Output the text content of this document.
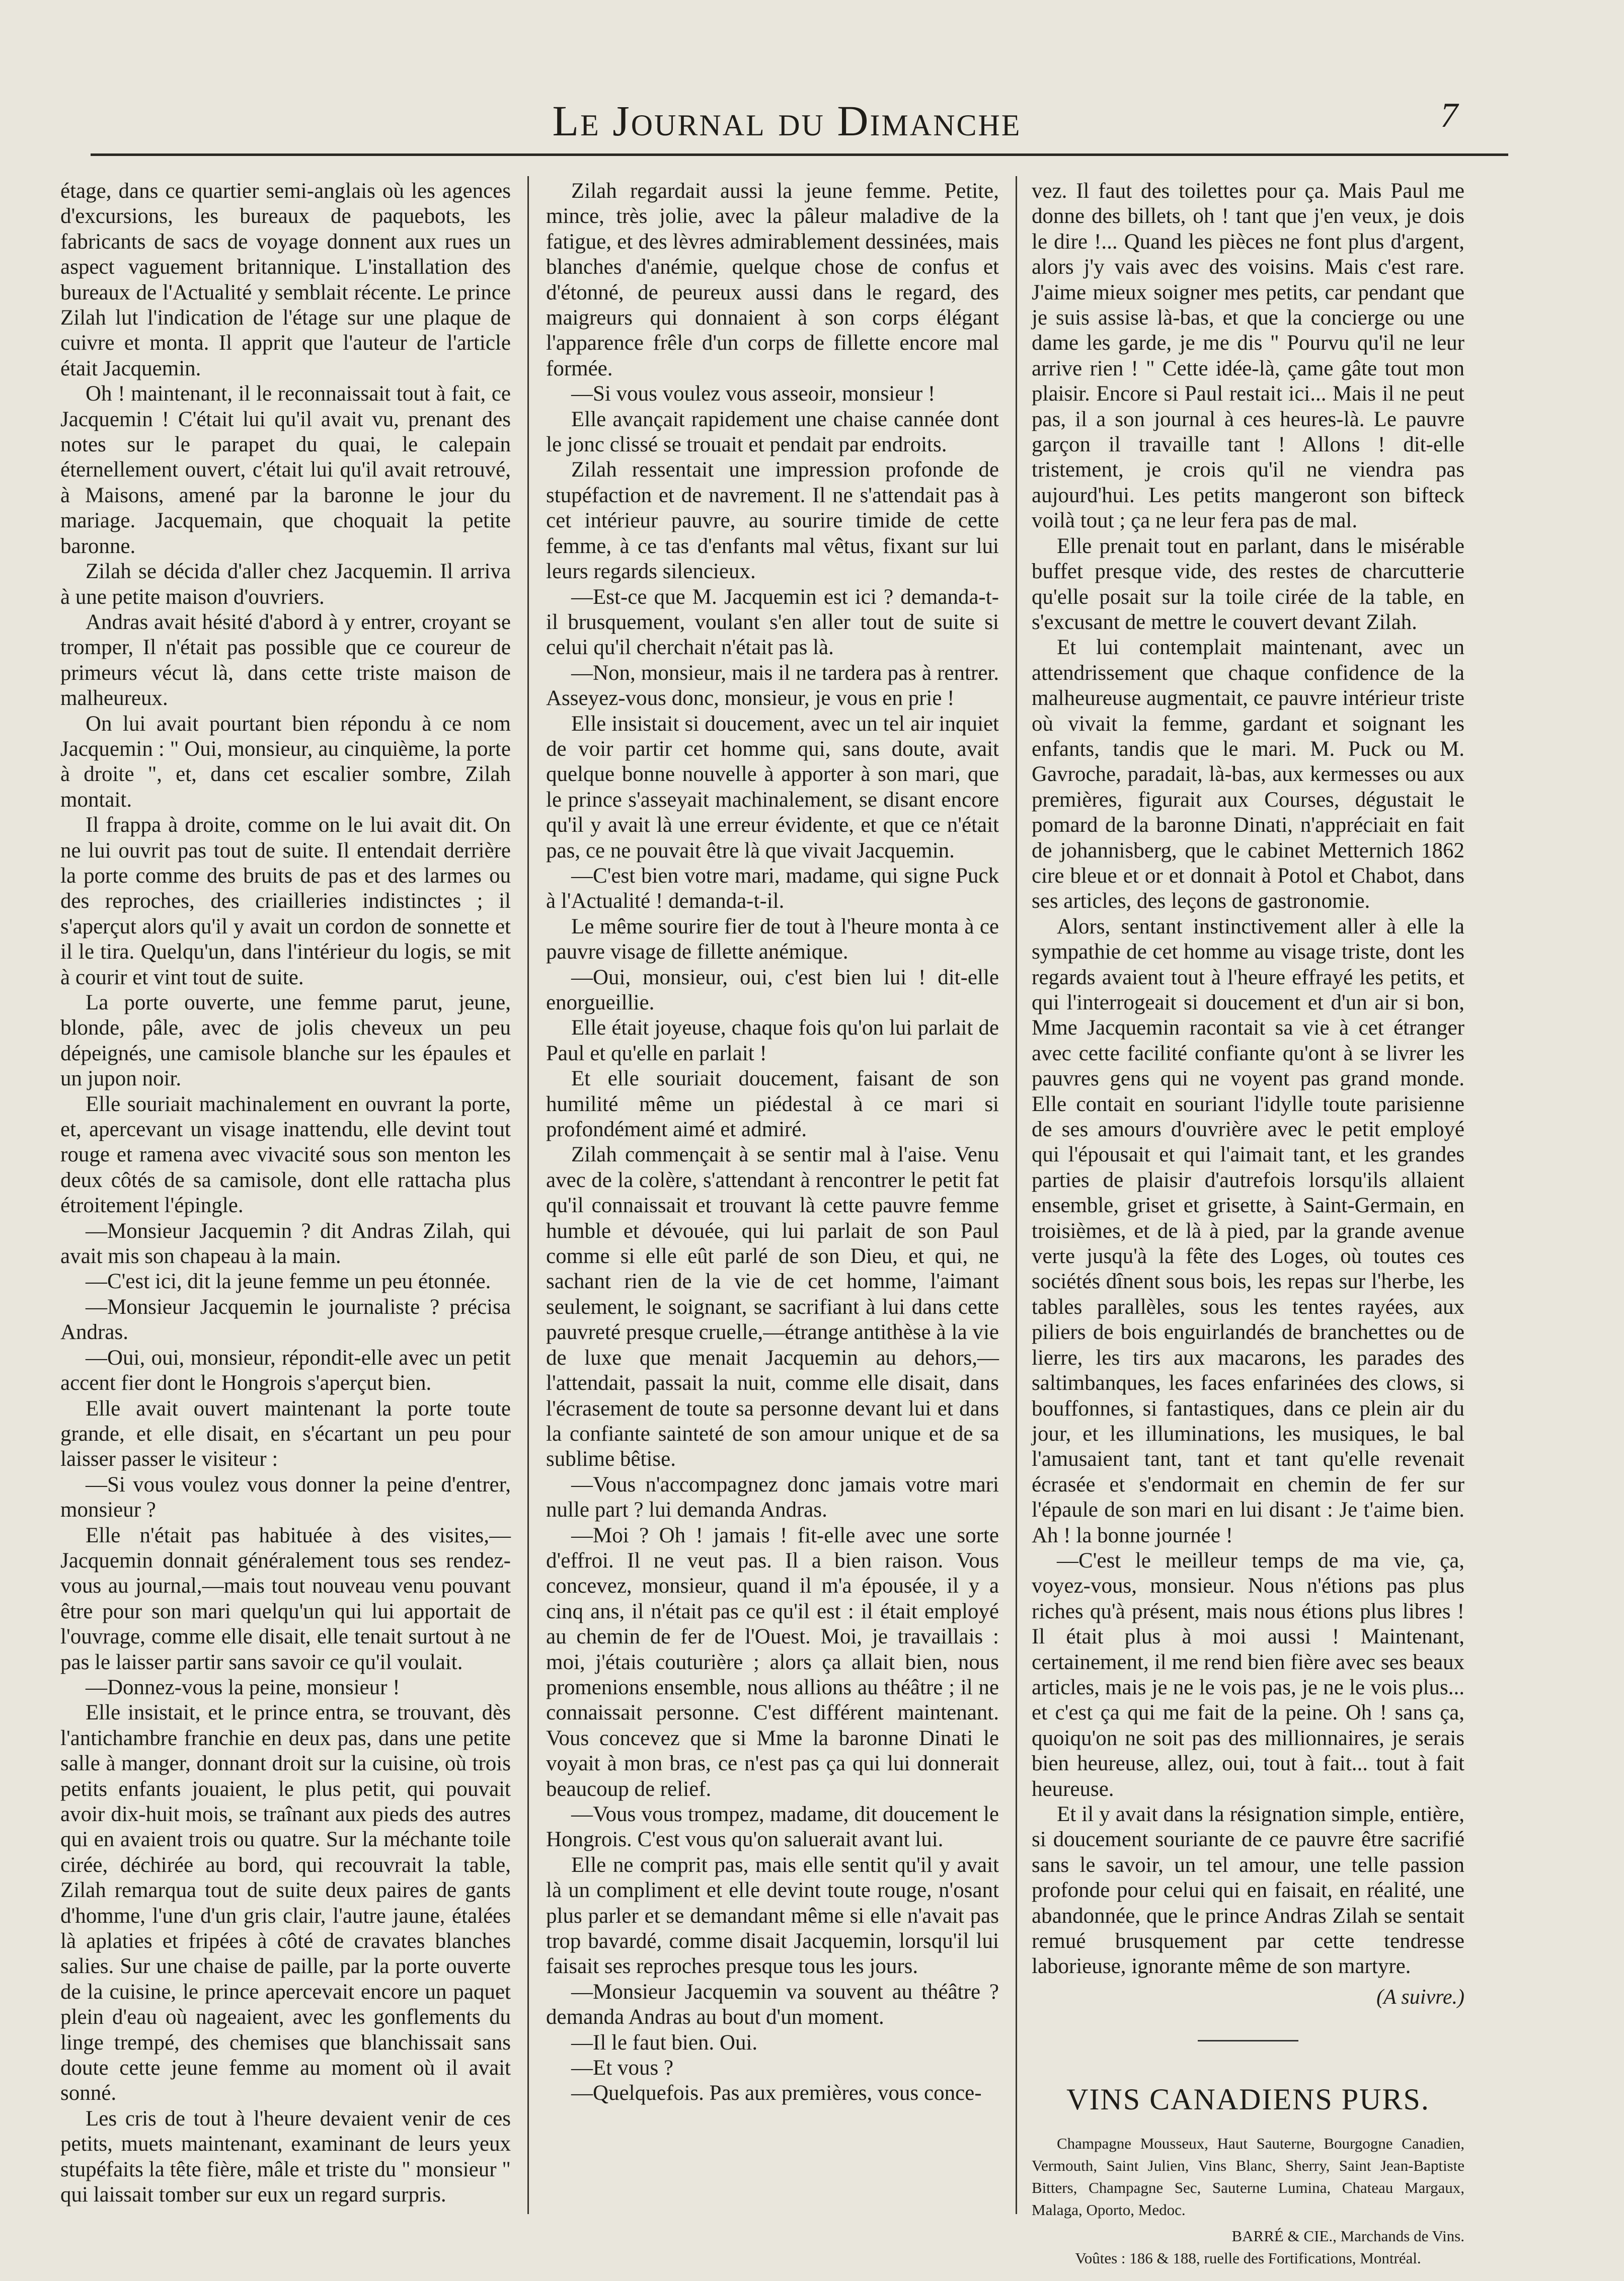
Le Journal du Dimanche	7

étage, dans ce quartier semi-anglais où les agences d'excursions, les bureaux de paquebots, les fabricants de sacs de voyage donnent aux rues un aspect vaguement britannique. L'installation des bureaux de l'Actualité y semblait récente. Le prince Zilah lut l'indication de l'étage sur une plaque de cuivre et monta. Il apprit que l'auteur de l'article était Jacquemin.

Oh ! maintenant, il le reconnaissait tout à fait, ce Jacquemin ! C'était lui qu'il avait vu, prenant des notes sur le parapet du quai, le calepain éternellement ouvert, c'était lui qu'il avait retrouvé, à Maisons, amené par la baronne le jour du mariage. Jacquemain, que choquait la petite baronne.

Zilah se décida d'aller chez Jacquemin. Il arriva à une petite maison d'ouvriers.

Andras avait hésité d'abord à y entrer, croyant se tromper, Il n'était pas possible que ce coureur de primeurs vécut là, dans cette triste maison de malheureux.

On lui avait pourtant bien répondu à ce nom Jacquemin : " Oui, monsieur, au cinquième, la porte à droite ", et, dans cet escalier sombre, Zilah montait.

Il frappa à droite, comme on le lui avait dit. On ne lui ouvrit pas tout de suite. Il entendait derrière la porte comme des bruits de pas et des larmes ou des reproches, des criailleries indistinctes ; il s'aperçut alors qu'il y avait un cordon de sonnette et il le tira. Quelqu'un, dans l'intérieur du logis, se mit à courir et vint tout de suite.

La porte ouverte, une femme parut, jeune, blonde, pâle, avec de jolis cheveux un peu dépeignés, une camisole blanche sur les épaules et un jupon noir.

Elle souriait machinalement en ouvrant la porte, et, apercevant un visage inattendu, elle devint tout rouge et ramena avec vivacité sous son menton les deux côtés de sa camisole, dont elle rattacha plus étroitement l'épingle.

—Monsieur Jacquemin ? dit Andras Zilah, qui avait mis son chapeau à la main.

—C'est ici, dit la jeune femme un peu étonnée.

—Monsieur Jacquemin le journaliste ? précisa Andras.

—Oui, oui, monsieur, répondit-elle avec un petit accent fier dont le Hongrois s'aperçut bien.

Elle avait ouvert maintenant la porte toute grande, et elle disait, en s'écartant un peu pour laisser passer le visiteur :

—Si vous voulez vous donner la peine d'entrer, monsieur ?

Elle n'était pas habituée à des visites,—Jacquemin donnait généralement tous ses rendez-vous au journal,—mais tout nouveau venu pouvant être pour son mari quelqu'un qui lui apportait de l'ouvrage, comme elle disait, elle tenait surtout à ne pas le laisser partir sans savoir ce qu'il voulait.

—Donnez-vous la peine, monsieur !

Elle insistait, et le prince entra, se trouvant, dès l'antichambre franchie en deux pas, dans une petite salle à manger, donnant droit sur la cuisine, où trois petits enfants jouaient, le plus petit, qui pouvait avoir dix-huit mois, se traînant aux pieds des autres qui en avaient trois ou quatre. Sur la méchante toile cirée, déchirée au bord, qui recouvrait la table, Zilah remarqua tout de suite deux paires de gants d'homme, l'une d'un gris clair, l'autre jaune, étalées là aplaties et fripées à côté de cravates blanches salies. Sur une chaise de paille, par la porte ouverte de la cuisine, le prince apercevait encore un paquet plein d'eau où nageaient, avec les gonflements du linge trempé, des chemises que blanchissait sans doute cette jeune femme au moment où il avait sonné.

Les cris de tout à l'heure devaient venir de ces petits, muets maintenant, examinant de leurs yeux stupéfaits la tête fière, mâle et triste du " monsieur " qui laissait tomber sur eux un regard surpris.

Zilah regardait aussi la jeune femme. Petite, mince, très jolie, avec la pâleur maladive de la fatigue, et des lèvres admirablement dessinées, mais blanches d'anémie, quelque chose de confus et d'étonné, de peureux aussi dans le regard, des maigreurs qui donnaient à son corps élégant l'apparence frêle d'un corps de fillette encore mal formée.

—Si vous voulez vous asseoir, monsieur !

Elle avançait rapidement une chaise cannée dont le jonc clissé se trouait et pendait par endroits.

Zilah ressentait une impression profonde de stupéfaction et de navrement. Il ne s'attendait pas à cet intérieur pauvre, au sourire timide de cette femme, à ce tas d'enfants mal vêtus, fixant sur lui leurs regards silencieux.

—Est-ce que M. Jacquemin est ici ? demanda-t-il brusquement, voulant s'en aller tout de suite si celui qu'il cherchait n'était pas là.

—Non, monsieur, mais il ne tardera pas à rentrer. Asseyez-vous donc, monsieur, je vous en prie !

Elle insistait si doucement, avec un tel air inquiet de voir partir cet homme qui, sans doute, avait quelque bonne nouvelle à apporter à son mari, que le prince s'asseyait machinalement, se disant encore qu'il y avait là une erreur évidente, et que ce n'était pas, ce ne pouvait être là que vivait Jacquemin.

—C'est bien votre mari, madame, qui signe Puck à l'Actualité ! demanda-t-il.

Le même sourire fier de tout à l'heure monta à ce pauvre visage de fillette anémique.

—Oui, monsieur, oui, c'est bien lui ! dit-elle enorgueillie.

Elle était joyeuse, chaque fois qu'on lui parlait de Paul et qu'elle en parlait !

Et elle souriait doucement, faisant de son humilité même un piédestal à ce mari si profondément aimé et admiré.

Zilah commençait à se sentir mal à l'aise. Venu avec de la colère, s'attendant à rencontrer le petit fat qu'il connaissait et trouvant là cette pauvre femme humble et dévouée, qui lui parlait de son Paul comme si elle eût parlé de son Dieu, et qui, ne sachant rien de la vie de cet homme, l'aimant seulement, le soignant, se sacrifiant à lui dans cette pauvreté presque cruelle,—étrange antithèse à la vie de luxe que menait Jacquemin au dehors,—l'attendait, passait la nuit, comme elle disait, dans l'écrasement de toute sa personne devant lui et dans la confiante sainteté de son amour unique et de sa sublime bêtise.

—Vous n'accompagnez donc jamais votre mari nulle part ? lui demanda Andras.

—Moi ? Oh ! jamais ! fit-elle avec une sorte d'effroi. Il ne veut pas. Il a bien raison. Vous concevez, monsieur, quand il m'a épousée, il y a cinq ans, il n'était pas ce qu'il est : il était employé au chemin de fer de l'Ouest. Moi, je travaillais : moi, j'étais couturière ; alors ça allait bien, nous promenions ensemble, nous allions au théâtre ; il ne connaissait personne. C'est différent maintenant. Vous concevez que si Mme la baronne Dinati le voyait à mon bras, ce n'est pas ça qui lui donnerait beaucoup de relief.

—Vous vous trompez, madame, dit doucement le Hongrois. C'est vous qu'on saluerait avant lui.

Elle ne comprit pas, mais elle sentit qu'il y avait là un compliment et elle devint toute rouge, n'osant plus parler et se demandant même si elle n'avait pas trop bavardé, comme disait Jacquemin, lorsqu'il lui faisait ses reproches presque tous les jours.

—Monsieur Jacquemin va souvent au théâtre ? demanda Andras au bout d'un moment.

—Il le faut bien. Oui.

—Et vous ?

—Quelquefois. Pas aux premières, vous conce-

vez. Il faut des toilettes pour ça. Mais Paul me donne des billets, oh ! tant que j'en veux, je dois le dire !... Quand les pièces ne font plus d'argent, alors j'y vais avec des voisins. Mais c'est rare. J'aime mieux soigner mes petits, car pendant que je suis assise là-bas, et que la concierge ou une dame les garde, je me dis " Pourvu qu'il ne leur arrive rien ! " Cette idée-là, çame gâte tout mon plaisir. Encore si Paul restait ici... Mais il ne peut pas, il a son journal à ces heures-là. Le pauvre garçon il travaille tant ! Allons ! dit-elle tristement, je crois qu'il ne viendra pas aujourd'hui. Les petits mangeront son bifteck voilà tout ; ça ne leur fera pas de mal.

Elle prenait tout en parlant, dans le misérable buffet presque vide, des restes de charcutterie qu'elle posait sur la toile cirée de la table, en s'excusant de mettre le couvert devant Zilah.

Et lui contemplait maintenant, avec un attendrissement que chaque confidence de la malheureuse augmentait, ce pauvre intérieur triste où vivait la femme, gardant et soignant les enfants, tandis que le mari. M. Puck ou M. Gavroche, paradait, là-bas, aux kermesses ou aux premières, figurait aux Courses, dégustait le pomard de la baronne Dinati, n'appréciait en fait de johannisberg, que le cabinet Metternich 1862 cire bleue et or et donnait à Potol et Chabot, dans ses articles, des leçons de gastronomie.

Alors, sentant instinctivement aller à elle la sympathie de cet homme au visage triste, dont les regards avaient tout à l'heure effrayé les petits, et qui l'interrogeait si doucement et d'un air si bon, Mme Jacquemin racontait sa vie à cet étranger avec cette facilité confiante qu'ont à se livrer les pauvres gens qui ne voyent pas grand monde. Elle contait en souriant l'idylle toute parisienne de ses amours d'ouvrière avec le petit employé qui l'épousait et qui l'aimait tant, et les grandes parties de plaisir d'autrefois lorsqu'ils allaient ensemble, griset et grisette, à Saint-Germain, en troisièmes, et de là à pied, par la grande avenue verte jusqu'à la fête des Loges, où toutes ces sociétés dînent sous bois, les repas sur l'herbe, les tables parallèles, sous les tentes rayées, aux piliers de bois enguirlandés de branchettes ou de lierre, les tirs aux macarons, les parades des saltimbanques, les faces enfarinées des clows, si bouffonnes, si fantastiques, dans ce plein air du jour, et les illuminations, les musiques, le bal l'amusaient tant, tant et tant qu'elle revenait écrasée et s'endormait en chemin de fer sur l'épaule de son mari en lui disant : Je t'aime bien. Ah ! la bonne journée !

—C'est le meilleur temps de ma vie, ça, voyez-vous, monsieur. Nous n'étions pas plus riches qu'à présent, mais nous étions plus libres ! Il était plus à moi aussi ! Maintenant, certainement, il me rend bien fière avec ses beaux articles, mais je ne le vois pas, je ne le vois plus... et c'est ça qui me fait de la peine. Oh ! sans ça, quoiqu'on ne soit pas des millionnaires, je serais bien heureuse, allez, oui, tout à fait... tout à fait heureuse.

Et il y avait dans la résignation simple, entière, si doucement souriante de ce pauvre être sacrifié sans le savoir, un tel amour, une telle passion profonde pour celui qui en faisait, en réalité, une abandonnée, que le prince Andras Zilah se sentait remué brusquement par cette tendresse laborieuse, ignorante même de son martyre.

(A suivre.)
VINS CANADIENS PURS.

Champagne Mousseux, Haut Sauterne, Bourgogne Canadien, Vermouth, Saint Julien, Vins Blanc, Sherry, Saint Jean-Baptiste Bitters, Champagne Sec, Sauterne Lumina, Chateau Margaux, Malaga, Oporto, Medoc.

BARRÉ & CIE., Marchands de Vins.
Voûtes : 186 & 188, ruelle des Fortifications, Montréal.
